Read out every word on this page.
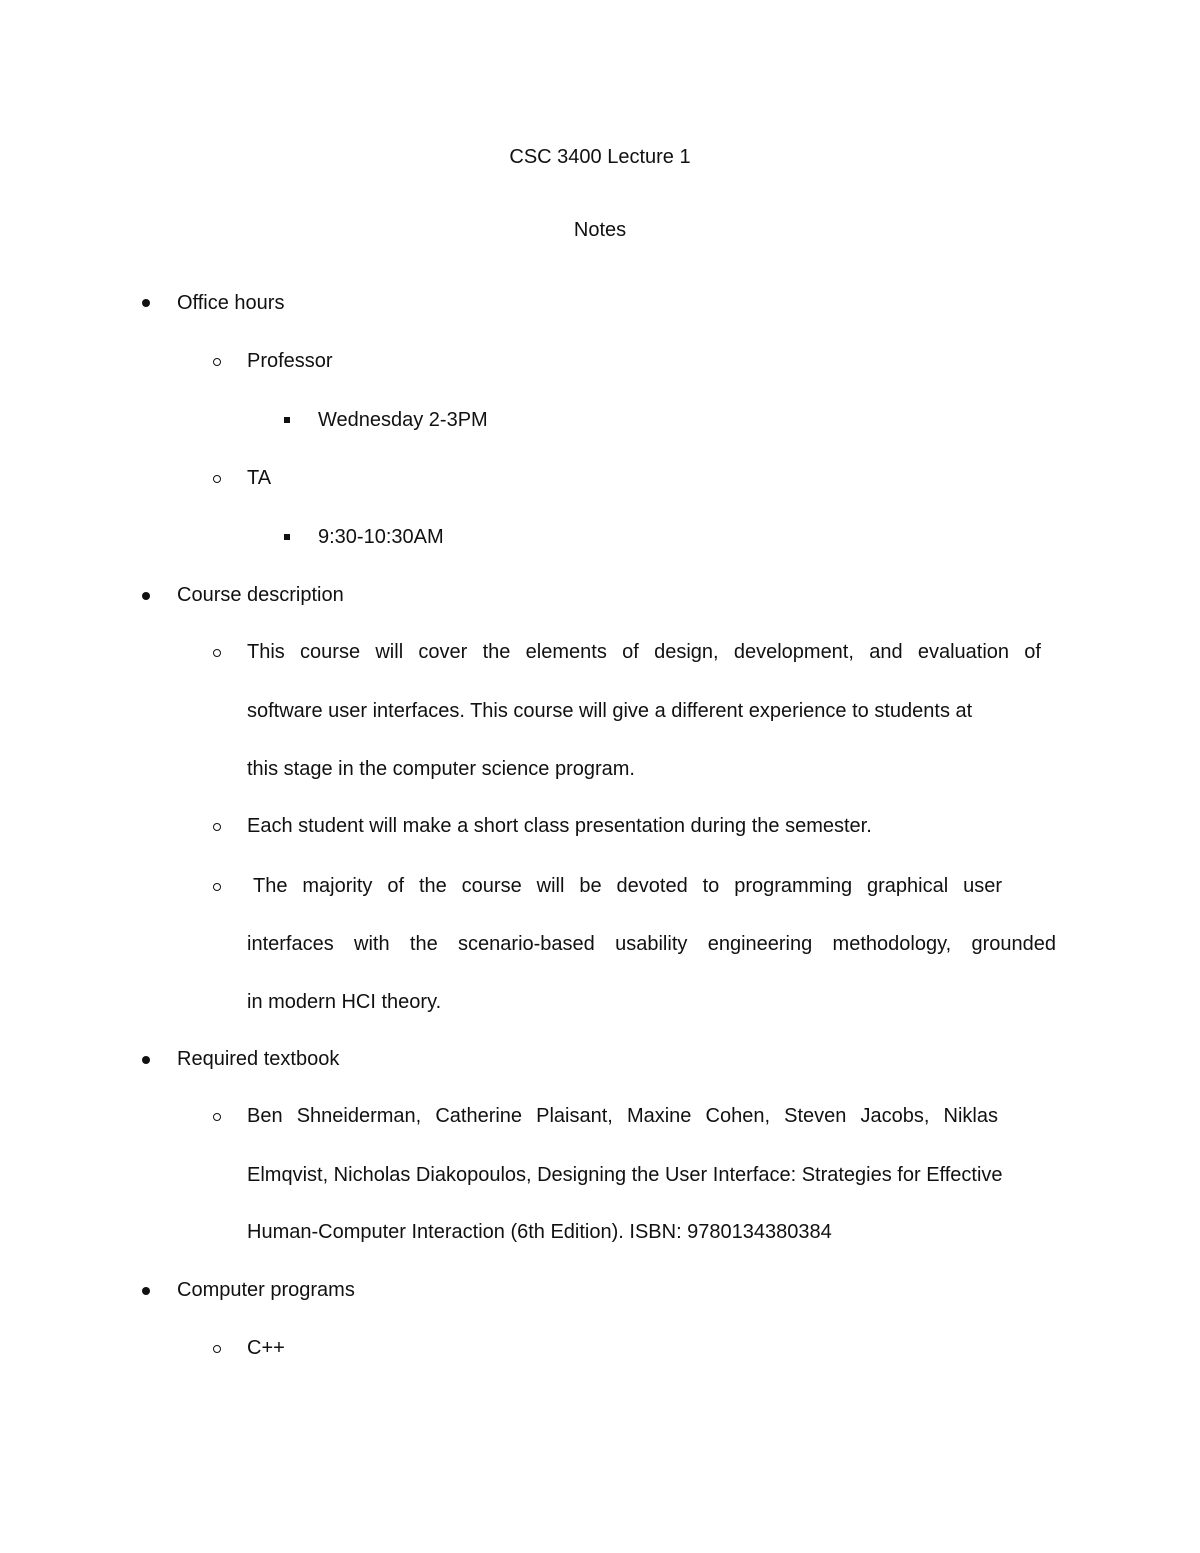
CSC 3400 Lecture 1
Notes
Office hours
Professor
Wednesday 2-3PM
TA
9:30-10:30AM
Course description
This course will cover the elements of design, development, and evaluation of
software user interfaces. This course will give a different experience to students at
this stage in the computer science program.
Each student will make a short class presentation during the semester.
The majority of the course will be devoted to programming graphical user
interfaces with the scenario-based usability engineering methodology, grounded
in modern HCI theory.
Required textbook
Ben Shneiderman, Catherine Plaisant, Maxine Cohen, Steven Jacobs, Niklas
Elmqvist, Nicholas Diakopoulos, Designing the User Interface: Strategies for Effective
Human-Computer Interaction (6th Edition). ISBN: 9780134380384
Computer programs
C++
